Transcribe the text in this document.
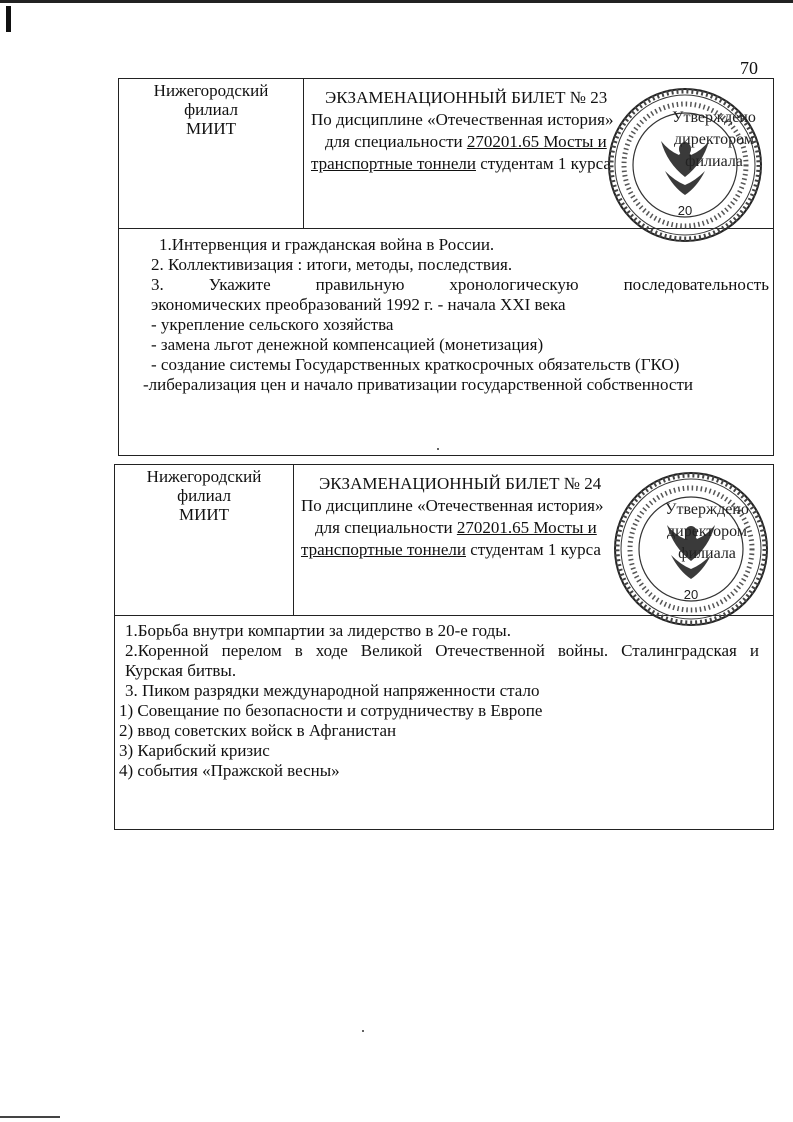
70
Нижегородский
филиал
МИИТ
ЭКЗАМЕНАЦИОННЫЙ БИЛЕТ № 23
По дисциплине «Отечественная история»
для специальности 270201.65 Мосты и
транспортные тоннели студентам 1 курса
1.Интервенция и гражданская война в России.
2. Коллективизация : итоги, методы, последствия.
3.	Укажите	правильную	хронологическую	последовательность
экономических преобразований 1992 г. - начала XXI века
- укрепление сельского хозяйства
- замена льгот денежной компенсацией (монетизация)
- создание системы Государственных краткосрочных обязательств (ГКО)
-либерализация цен и начало приватизации государственной собственности
20
Утверждено
директором
филиала
Нижегородский
филиал
МИИТ
ЭКЗАМЕНАЦИОННЫЙ БИЛЕТ № 24
По дисциплине «Отечественная история»
для специальности 270201.65 Мосты и
транспортные тоннели студентам 1 курса
1.Борьба внутри компартии за лидерство в 20-е годы.
2.Коренной перелом в ходе Великой Отечественной войны. Сталинградская и
Курская битвы.
3. Пиком разрядки международной напряженности стало
1) Совещание по безопасности и сотрудничеству в Европе
2) ввод советских войск в Афганистан
3) Карибский кризис
4) события «Пражской весны»
20
Утверждено
директором
филиала
